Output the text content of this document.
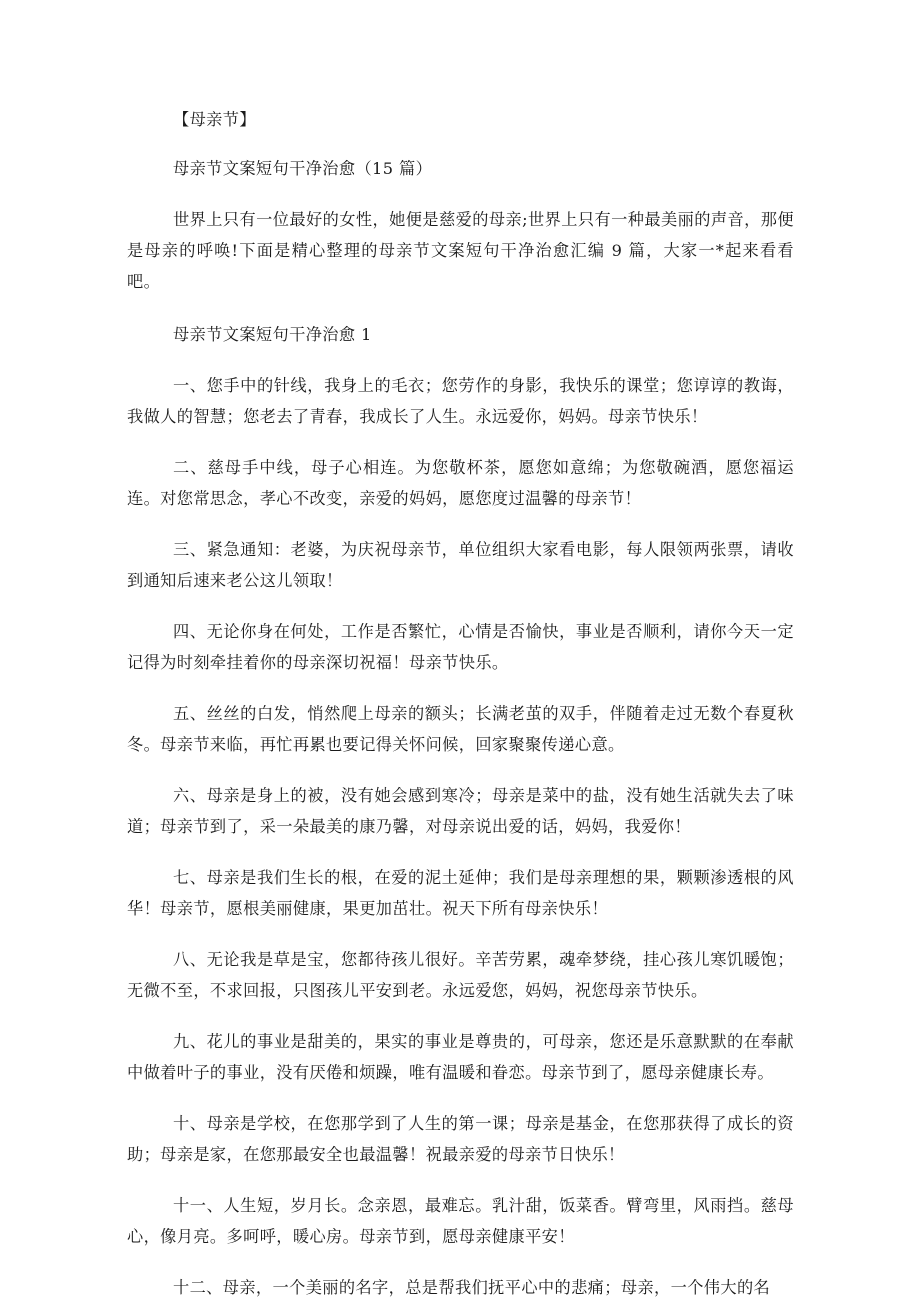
【母亲节】

母亲节文案短句干净治愈（15 篇）

世界上只有一位最好的女性，她便是慈爱的母亲;世界上只有一种最美丽的声音，那便是母亲的呼唤!下面是精心整理的母亲节文案短句干净治愈汇编 9 篇，大家一*起来看看吧。

母亲节文案短句干净治愈 1

一、您手中的针线，我身上的毛衣；您劳作的身影，我快乐的课堂；您谆谆的教诲，我做人的智慧；您老去了青春，我成长了人生。永远爱你，妈妈。母亲节快乐！

二、慈母手中线，母子心相连。为您敬杯茶，愿您如意绵；为您敬碗酒，愿您福运连。对您常思念，孝心不改变，亲爱的妈妈，愿您度过温馨的母亲节！

三、紧急通知：老婆，为庆祝母亲节，单位组织大家看电影，每人限领两张票，请收到通知后速来老公这儿领取！

四、无论你身在何处，工作是否繁忙，心情是否愉快，事业是否顺利，请你今天一定记得为时刻牵挂着你的母亲深切祝福！母亲节快乐。

五、丝丝的白发，悄然爬上母亲的额头；长满老茧的双手，伴随着走过无数个春夏秋冬。母亲节来临，再忙再累也要记得关怀问候，回家聚聚传递心意。

六、母亲是身上的被，没有她会感到寒冷；母亲是菜中的盐，没有她生活就失去了味道；母亲节到了，采一朵最美的康乃馨，对母亲说出爱的话，妈妈，我爱你！

七、母亲是我们生长的根，在爱的泥土延伸；我们是母亲理想的果，颗颗渗透根的风华！母亲节，愿根美丽健康，果更加茁壮。祝天下所有母亲快乐！

八、无论我是草是宝，您都待孩儿很好。辛苦劳累，魂牵梦绕，挂心孩儿寒饥暖饱；无微不至，不求回报，只图孩儿平安到老。永远爱您，妈妈，祝您母亲节快乐。

九、花儿的事业是甜美的，果实的事业是尊贵的，可母亲，您还是乐意默默的在奉献中做着叶子的事业，没有厌倦和烦躁，唯有温暖和眷恋。母亲节到了，愿母亲健康长寿。

十、母亲是学校，在您那学到了人生的第一课；母亲是基金，在您那获得了成长的资助；母亲是家，在您那最安全也最温馨！祝最亲爱的母亲节日快乐！

十一、人生短，岁月长。念亲恩，最难忘。乳汁甜，饭菜香。臂弯里，风雨挡。慈母心，像月亮。多呵呼，暖心房。母亲节到，愿母亲健康平安！

十二、母亲，一个美丽的名字，总是帮我们抚平心中的悲痛；母亲，一个伟大的名
